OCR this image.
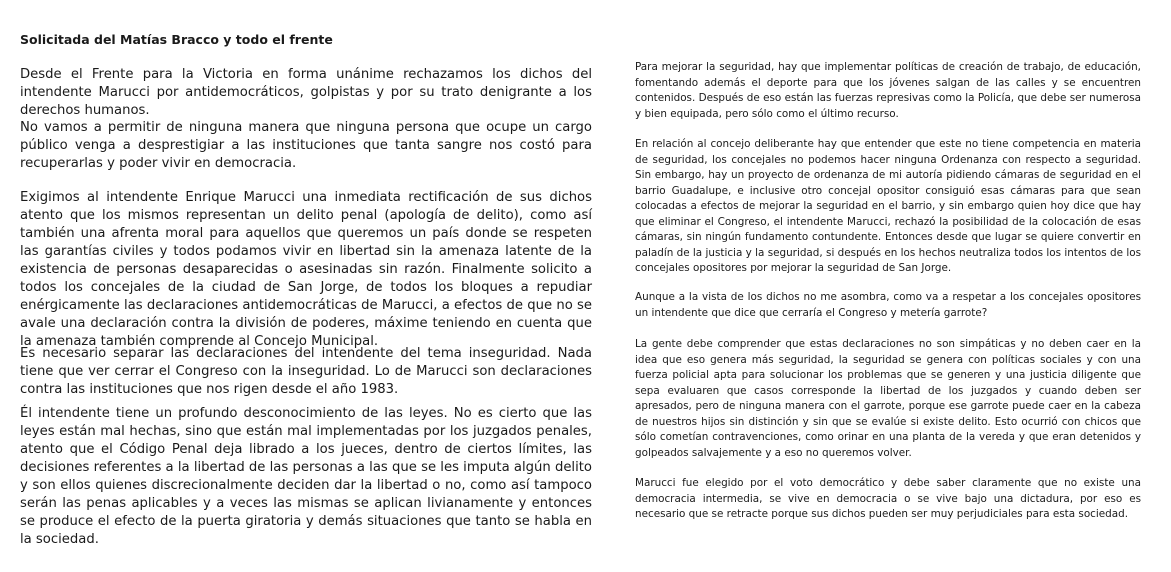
Solicitada del Matías Bracco y todo el frente

Desde el Frente para la Victoria en forma unánime rechazamos los dichos del intendente Marucci por antidemocráticos, golpistas y por su trato denigrante a los derechos humanos.

No vamos a permitir de ninguna manera que ninguna persona que ocupe un cargo público venga a desprestigiar a las instituciones que tanta sangre nos costó para recuperarlas y poder vivir en democracia.

Exigimos al intendente Enrique Marucci una inmediata rectificación de sus dichos atento que los mismos representan un delito penal (apología de delito), como así también una afrenta moral para aquellos que queremos un país donde se respeten las garantías civiles y todos podamos vivir en libertad sin la amenaza latente de la existencia de personas desaparecidas o asesinadas sin razón. Finalmente solicito a todos los concejales de la ciudad de San Jorge, de todos los bloques a repudiar enérgicamente las declaraciones antidemocráticas de Marucci, a efectos de que no se avale una declaración contra la división de poderes, máxime teniendo en cuenta que la amenaza también comprende al Concejo Municipal.

Es necesario separar las declaraciones del intendente del tema inseguridad. Nada tiene que ver cerrar el Congreso con la inseguridad. Lo de Marucci son declaraciones contra las instituciones que nos rigen desde el año 1983.

Él intendente tiene un profundo desconocimiento de las leyes. No es cierto que las leyes están mal hechas, sino que están mal implementadas por los juzgados penales, atento que el Código Penal deja librado a los jueces, dentro de ciertos límites, las decisiones referentes a la libertad de las personas a las que se les imputa algún delito y son ellos quienes discrecionalmente deciden dar la libertad o no, como así tampoco serán las penas aplicables y a veces las mismas se aplican livianamente y entonces se produce el efecto de la puerta giratoria y demás situaciones que tanto se habla en la sociedad.

Para mejorar la seguridad, hay que implementar políticas de creación de trabajo, de educación, fomentando además el deporte para que los jóvenes salgan de las calles y se encuentren contenidos. Después de eso están las fuerzas represivas como la Policía, que debe ser numerosa y bien equipada, pero sólo como el último recurso.

En relación al concejo deliberante hay que entender que este no tiene competencia en materia de seguridad, los concejales no podemos hacer ninguna Ordenanza con respecto a seguridad. Sin embargo, hay un proyecto de ordenanza de mi autoría pidiendo cámaras de seguridad en el barrio Guadalupe, e inclusive otro concejal opositor consiguió esas cámaras para que sean colocadas a efectos de mejorar la seguridad en el barrio, y sin embargo quien hoy dice que hay que eliminar el Congreso, el intendente Marucci, rechazó la posibilidad de la colocación de esas cámaras, sin ningún fundamento contundente. Entonces desde que lugar se quiere convertir en paladín de la justicia y la seguridad, si después en los hechos neutraliza todos los intentos de los concejales opositores por mejorar la seguridad de San Jorge.

Aunque a la vista de los dichos no me asombra, como va a respetar a los concejales opositores un intendente que dice que cerraría el Congreso y metería garrote?

La gente debe comprender que estas declaraciones no son simpáticas y no deben caer en la idea que eso genera más seguridad, la seguridad se genera con políticas sociales y con una fuerza policial apta para solucionar los problemas que se generen y una justicia diligente que sepa evaluaren que casos corresponde la libertad de los juzgados y cuando deben ser apresados, pero de ninguna manera con el garrote, porque ese garrote puede caer en la cabeza de nuestros hijos sin distinción y sin que se evalúe si existe delito. Esto ocurrió con chicos que sólo cometían contravenciones, como orinar en una planta de la vereda y que eran detenidos y golpeados salvajemente y a eso no queremos volver.

Marucci fue elegido por el voto democrático y debe saber claramente que no existe una democracia intermedia, se vive en democracia o se vive bajo una dictadura, por eso es necesario que se retracte porque sus dichos pueden ser muy perjudiciales para esta sociedad.
